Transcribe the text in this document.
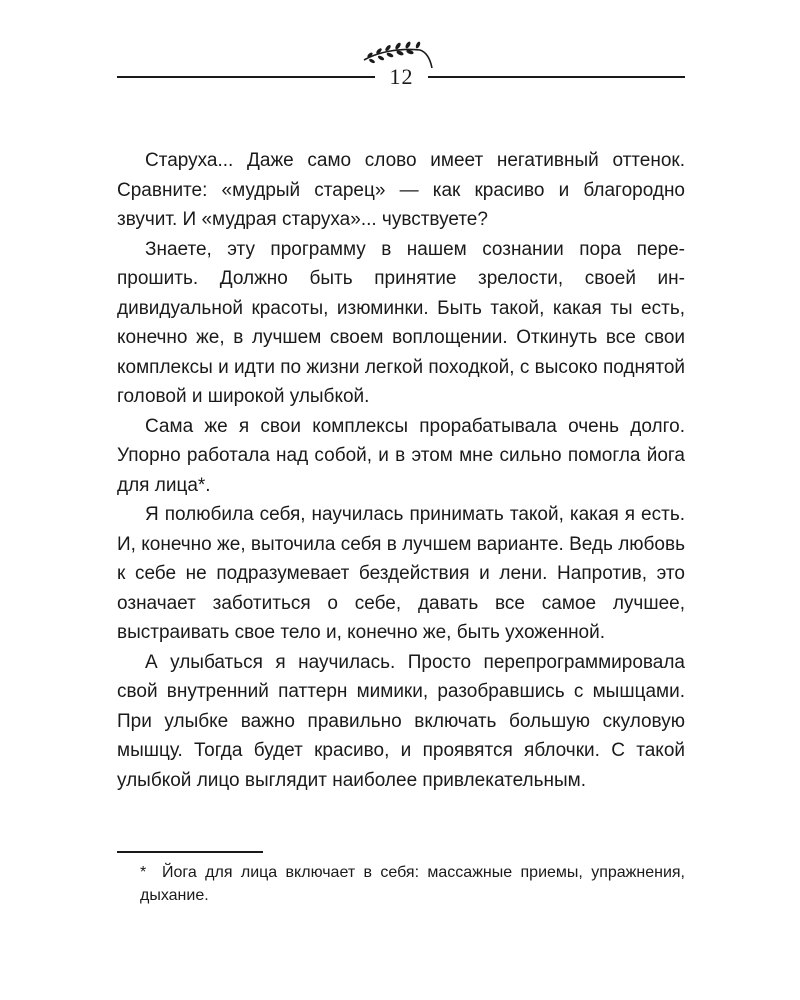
12

Старуха... Даже само слово имеет негативный оттенок. Сравните: «мудрый старец» — как красиво и благородно звучит. И «мудрая старуха»... чувствуете?

Знаете, эту программу в нашем сознании пора перепрошить. Должно быть принятие зрелости, своей индивидуальной красоты, изюминки. Быть такой, какая ты есть, конечно же, в лучшем своем воплощении. Откинуть все свои комплексы и идти по жизни легкой походкой, с высоко поднятой головой и широкой улыбкой.

Сама же я свои комплексы прорабатывала очень долго. Упорно работала над собой, и в этом мне сильно помогла йога для лица*.

Я полюбила себя, научилась принимать такой, какая я есть. И, конечно же, выточила себя в лучшем варианте. Ведь любовь к себе не подразумевает бездействия и лени. Напротив, это означает заботиться о себе, давать все самое лучшее, выстраивать свое тело и, конечно же, быть ухоженной.

А улыбаться я научилась. Просто перепрограммировала свой внутренний паттерн мимики, разобравшись с мышцами. При улыбке важно правильно включать большую скуловую мышцу. Тогда будет красиво, и проявятся яблочки. С такой улыбкой лицо выглядит наиболее привлекательным.

* Йога для лица включает в себя: массажные приемы, упражнения, дыхание.
